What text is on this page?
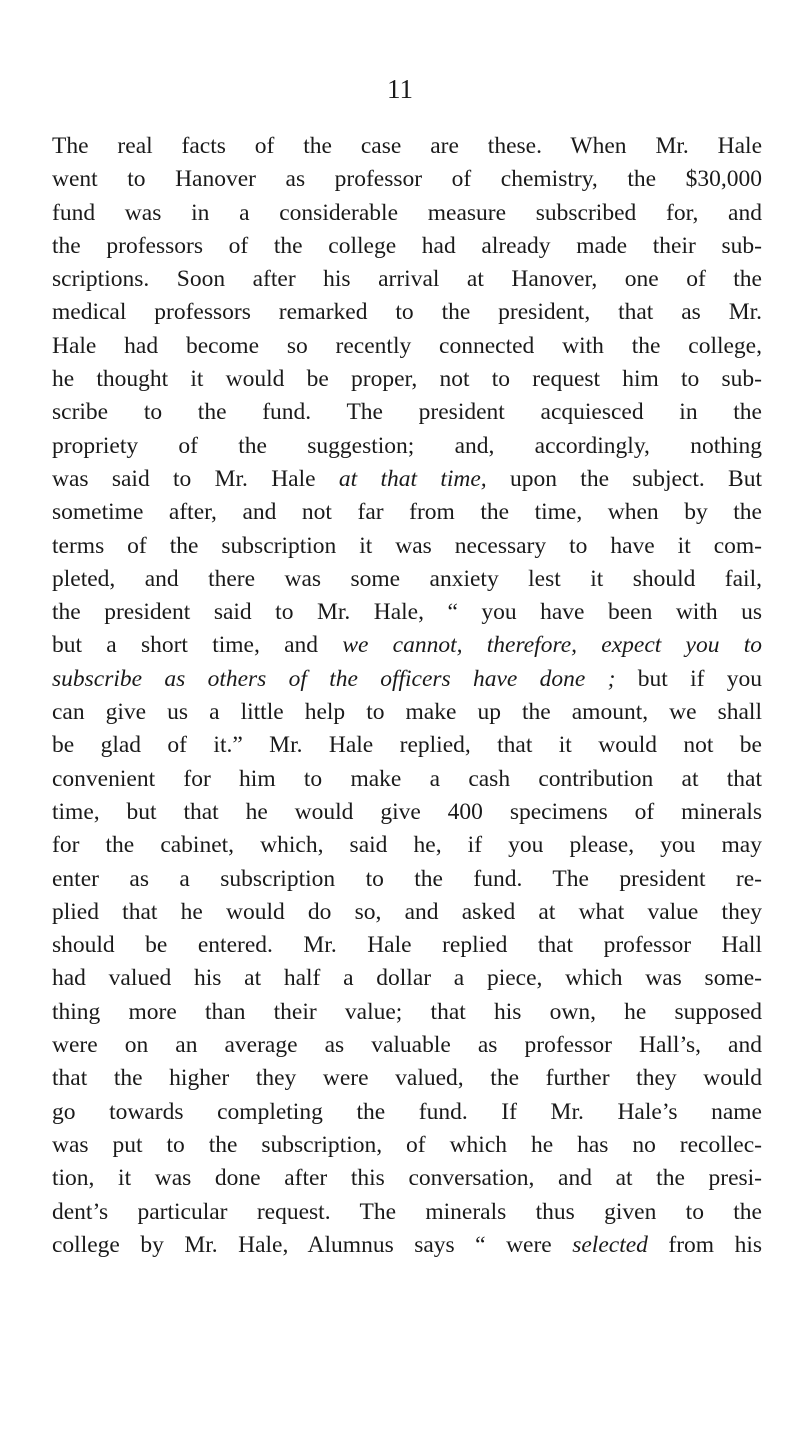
11
The real facts of the case are these. When Mr. Hale
went to Hanover as professor of chemistry, the $30,000
fund was in a considerable measure subscribed for, and
the professors of the college had already made their sub-
scriptions. Soon after his arrival at Hanover, one of the
medical professors remarked to the president, that as Mr.
Hale had become so recently connected with the college,
he thought it would be proper, not to request him to sub-
scribe to the fund. The president acquiesced in the
propriety of the suggestion; and, accordingly, nothing
was said to Mr. Hale at that time, upon the subject. But
sometime after, and not far from the time, when by the
terms of the subscription it was necessary to have it com-
pleted, and there was some anxiety lest it should fail,
the president said to Mr. Hale, “ you have been with us
but a short time, and we cannot, therefore, expect you to
subscribe as others of the officers have done ; but if you
can give us a little help to make up the amount, we shall
be glad of it.” Mr. Hale replied, that it would not be
convenient for him to make a cash contribution at that
time, but that he would give 400 specimens of minerals
for the cabinet, which, said he, if you please, you may
enter as a subscription to the fund. The president re-
plied that he would do so, and asked at what value they
should be entered. Mr. Hale replied that professor Hall
had valued his at half a dollar a piece, which was some-
thing more than their value; that his own, he supposed
were on an average as valuable as professor Hall’s, and
that the higher they were valued, the further they would
go towards completing the fund. If Mr. Hale’s name
was put to the subscription, of which he has no recollec-
tion, it was done after this conversation, and at the presi-
dent’s particular request. The minerals thus given to the
college by Mr. Hale, Alumnus says “ were selected from his
